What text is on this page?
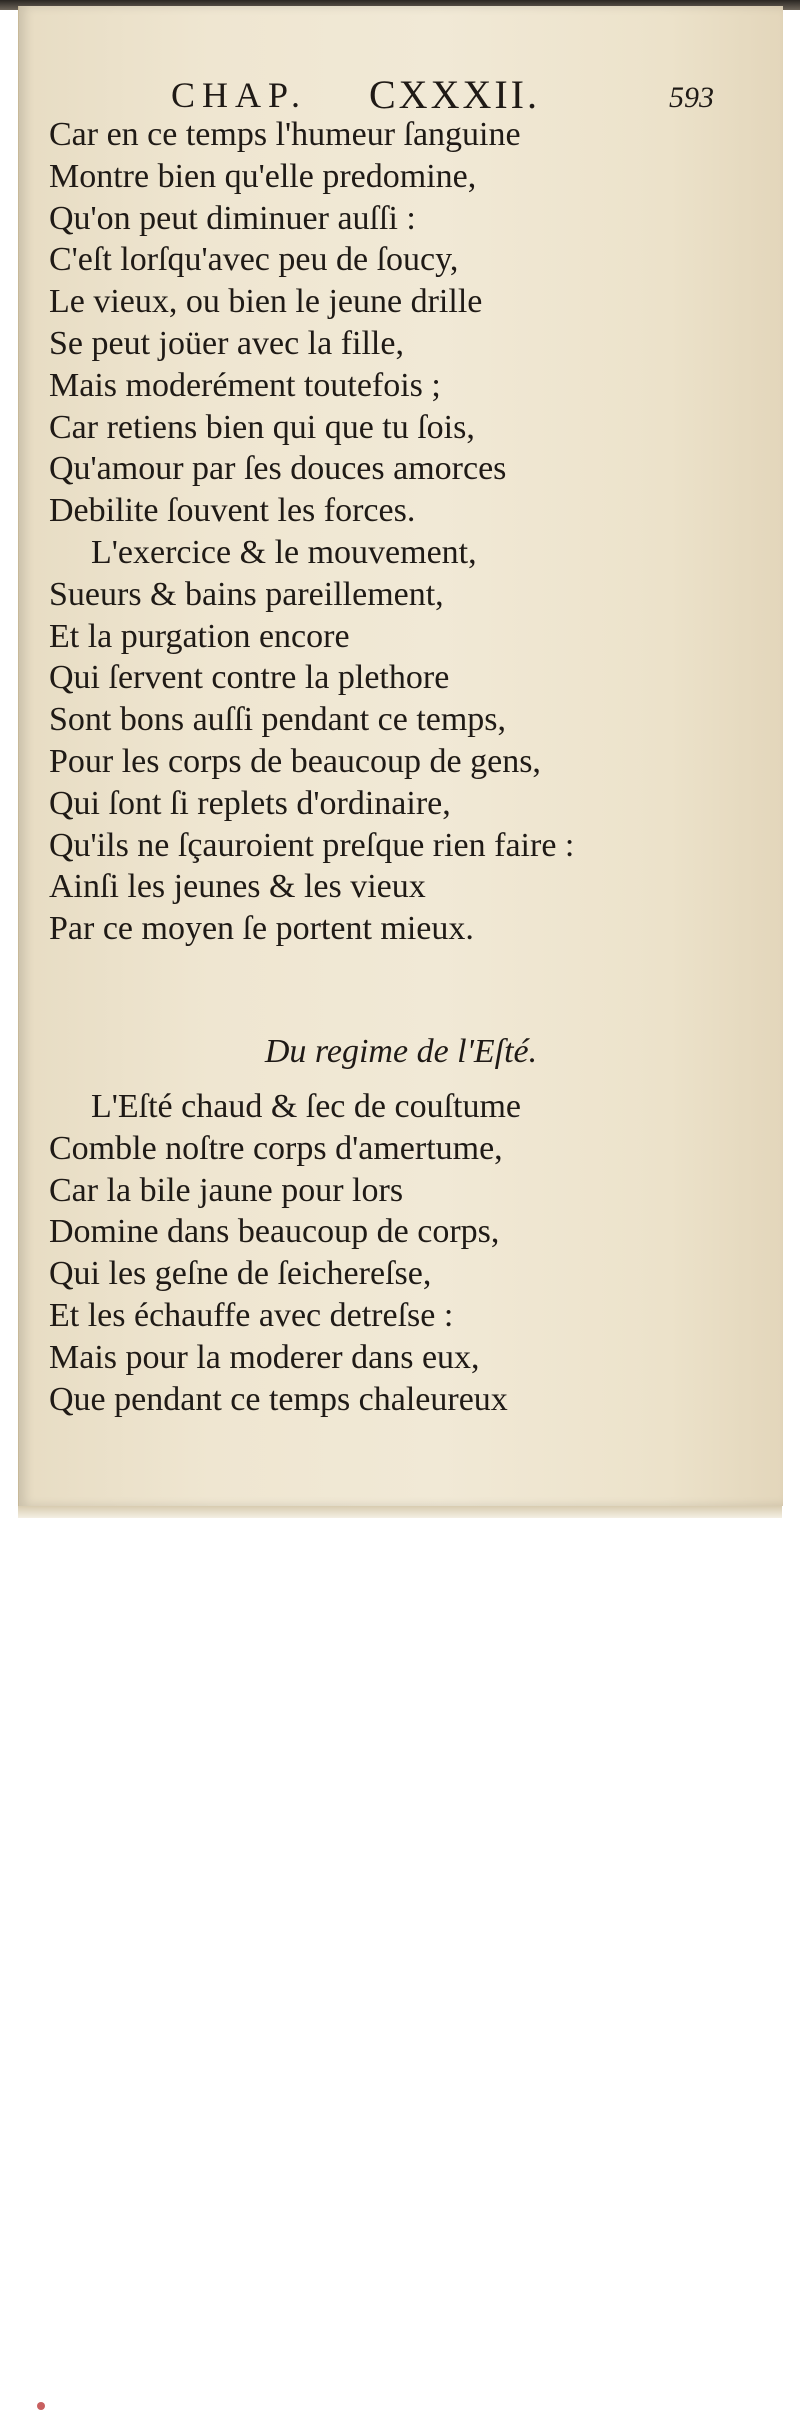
CHAP. CXXXII.	593
Car en ce temps l'humeur ſanguine
Montre bien qu'elle predomine,
Qu'on peut diminuer auſſi :
C'eſt lorſqu'avec peu de ſoucy,
Le vieux, ou bien le jeune drille
Se peut joüer avec la fille,
Mais moderément toutefois ;
Car retiens bien qui que tu ſois,
Qu'amour par ſes douces amorces
Debilite ſouvent les forces.
L'exercice & le mouvement,
Sueurs & bains pareillement,
Et la purgation encore
Qui ſervent contre la plethore
Sont bons auſſi pendant ce temps,
Pour les corps de beaucoup de gens,
Qui ſont ſi replets d'ordinaire,
Qu'ils ne ſçauroient preſque rien faire :
Ainſi les jeunes & les vieux
Par ce moyen ſe portent mieux.
Du regime de l'Eſté.
L'Eſté chaud & ſec de couſtume
Comble noſtre corps d'amertume,
Car la bile jaune pour lors
Domine dans beaucoup de corps,
Qui les geſne de ſeichereſse,
Et les échauffe avec detreſse :
Mais pour la moderer dans eux,
Que pendant ce temps chaleureux
